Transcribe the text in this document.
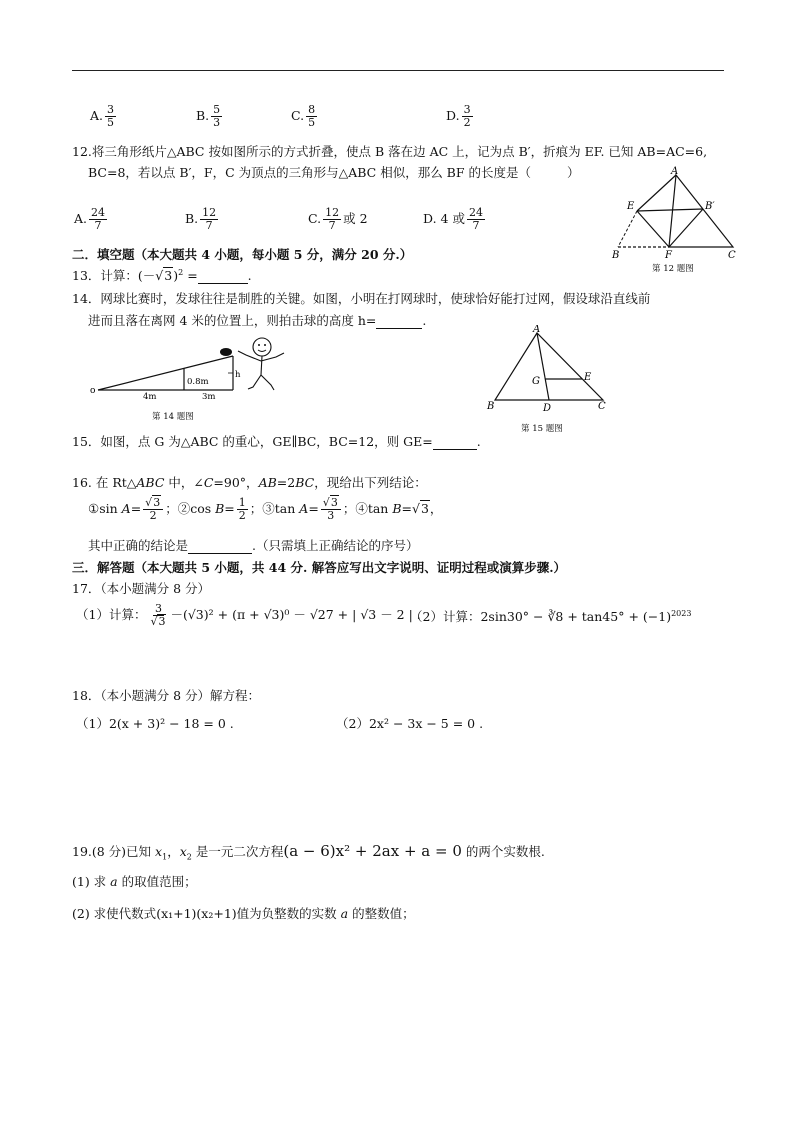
A. $\frac{3}{5}$	B. $\frac{5}{3}$	C. $\frac{8}{5}$	D. $\frac{3}{2}$
12.将三角形纸片△ABC 按如图所示的方式折叠，使点 B 落在边 AC 上，记为点 B′，折痕为 EF. 已知 AB=AC=6,
BC=8，若以点 B′，F，C 为顶点的三角形与△ABC 相似，那么 BF 的长度是（	）
A. $\frac{24}{7}$	B. $\frac{12}{7}$	C. $\frac{12}{7}$ 或 2	D. 4 或 $\frac{24}{7}$
A
E	B′
B	F	C
第 12 题图
二．填空题（本大题共 4 小题，每小题 5 分，满分 20 分.）
13．计算：$(-√3)^2$ =	.
14．网球比赛时，发球往往是制胜的关键。如图，小明在打网球时，使球恰好能打过网，假设球沿直线前
进而且落在离网 4 米的位置上，则拍击球的高度 h=	.
o
0.8m
h
4m	3m
第 14 题图
A
G	E
B	D	C
第 15 题图
15．如图，点 G 为△ABC 的重心，GE∥BC，BC=12，则 GE=	.
16. 在 Rt△ABC 中，∠C=90°，AB=2BC，现给出下列结论：
①sin $A= \frac{√3}{2}$ ；②cos $B= \frac{1}{2}$ ；③tan $A= \frac{√3}{3}$ ；④tan B=√3，
其中正确的结论是	.（只需填上正确结论的序号）
三．解答题（本大题共 5 小题，共 44 分. 解答应写出文字说明、证明过程或演算步骤.）
17．（本小题满分 8 分）
（1）计算： $\frac{3}{√3} -(√3)^2 + (\pi + √3)^0 - √27$ + | √3 － 2 | .
（2）计算：2sin30° − ∛8 + $\tan 45^\circ + (-1)^{2023}$
18．（本小题满分 8 分）解方程：
（1）2(x + 3)² − 18 = 0 .	（2）2x² − 3x − 5 = 0 .
19.(8 分)已知 $x_1$，$x_2$ 是一元二次方程(a − 6)x² + 2ax + a = 0 的两个实数根.
(1) 求 a 的取值范围；
(2) 求使代数式(x₁+1)(x₂+1)值为负整数的实数 a 的整数值；
